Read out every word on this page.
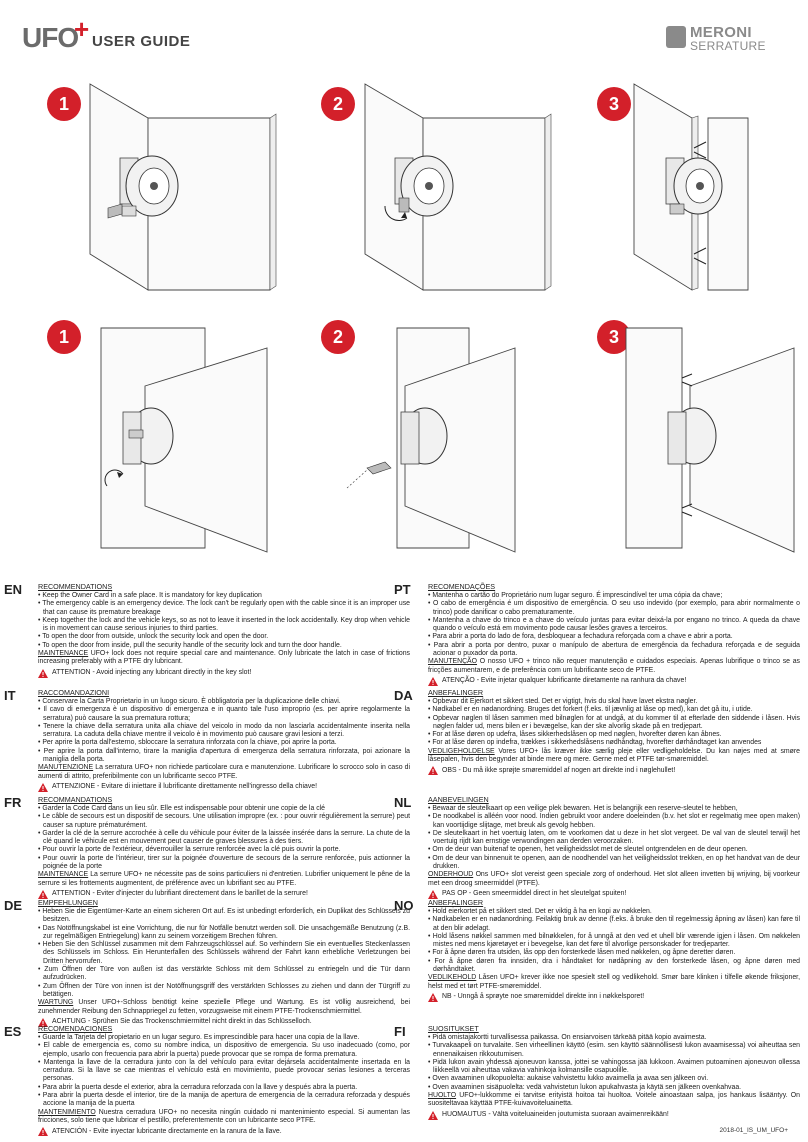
UFO
+ USER GUIDE
MERONI
SERRATURE
1	2	3
1	2	3
EN RECOMMENDATIONS
• Keep the Owner Card in a safe place. It is mandatory for key duplication
• The emergency cable is an emergency device. The lock can't be regularly open with the cable since it is an improper use that can cause its premature breakage
• Keep together the lock and the vehicle keys, so as not to leave it inserted in the lock accidentally. Key drop when vehicle is in movement can cause serious injuries to third parties.
• To open the door from outside, unlock the security lock and open the door.
• To open the door from inside, pull the security handle of the security lock and turn the door handle.
MAINTENANCE UFO+ lock does not require special care and maintenance. Only lubricate the latch in case of frictions increasing preferably with a PTFE dry lubricant.
ATTENTION - Avoid injecting any lubricant directly in the key slot!
PT RECOMENDAÇÕES
• Mantenha o cartão do Proprietário num lugar seguro. É imprescindível ter uma cópia da chave;
• O cabo de emergência é um dispositivo de emergência. O seu uso indevido (por exemplo, para abrir normalmente o trinco) pode danificar o cabo prematuramente.
• Mantenha a chave do trinco e a chave do veículo juntas para evitar deixá-la por engano no trinco. A queda da chave quando o veículo está em movimento pode causar lesões graves a terceiros.
• Para abrir a porta do lado de fora, desbloquear a fechadura reforçada com a chave e abrir a porta.
• Para abrir a porta por dentro, puxar o manípulo de abertura de emergência da fechadura reforçada e de seguida acionar o puxador da porta.
MANUTENÇÃO O nosso UFO + trinco não requer manutenção e cuidados especiais. Apenas lubrifique o trinco se as fricções aumentarem, e de preferência com um lubrificante seco de PTFE.
ATENÇÃO - Evite injetar qualquer lubrificante diretamente na ranhura da chave!
IT	RACCOMANDAZIONI
• Conservare la Carta Proprietario in un luogo sicuro. È obbligatoria per la duplicazione delle chiavi.
• Il cavo di emergenza è un dispositivo di emergenza e in quanto tale l'uso improprio (es. per aprire regolarmente la serratura) può causare la sua prematura rottura;
• Tenere la chiave della serratura unita alla chiave del veicolo in modo da non lasciarla accidentalmente inserita nella serratura. La caduta della chiave mentre il veicolo è in movimento può causare gravi lesioni a terzi.
• Per aprire la porta dall'esterno, sbloccare la serratura rinforzata con la chiave, poi aprire la porta.
• Per aprire la porta dall'interno, tirare la maniglia d'apertura di emergenza della serratura rinforzata, poi azionare la maniglia della porta.
MANUTENZIONE La serratura UFO+ non richiede particolare cura e manutenzione. Lubrificare lo scrocco solo in caso di aumenti di attrito, preferibilmente con un lubrificante secco PTFE.
ATTENZIONE - Evitare di iniettare il lubrificante direttamente nell'ingresso della chiave!
DA ANBEFALINGER
• Opbevar dit Ejerkort et sikkert sted. Det er vigtigt, hvis du skal have lavet ekstra nøgler.
• Nødkabel er en nødanordning. Bruges det forkert (f.eks. til jævnlig at låse op med), kan det gå itu, i utide.
• Opbevar nøglen til låsen sammen med bilnøglen for at undgå, at du kommer til at efterlade den siddende i låsen. Hvis nøglen falder ud, mens bilen er i bevægelse, kan der ske alvorlig skade på en tredjepart.
• For at låse døren op udefra, låses sikkerhedslåsen op med nøglen, hvorefter døren kan åbnes.
• For at låse døren op indefra, trækkes i sikkerhedslåsens nødhåndtag, hvorefter dørhåndtaget kan anvendes
VEDLIGEHOLDELSE Vores UFO+ lås kræver ikke særlig pleje eller vedligeholdelse. Du kan nøjes med at smøre låsepalen, hvis den begynder at binde mere og mere. Gerne med et PTFE tør-smøremiddel.
OBS - Du må ikke sprøjte smøremiddel af nogen art direkte ind i nøglehullet!
FR RECOMMANDATIONS
• Garder la Code Card dans un lieu sûr. Elle est indispensable pour obtenir une copie de la clé
• Le câble de secours est un dispositif de secours. Une utilisation impropre (ex. : pour ouvrir régulièrement la serrure) peut causer sa rupture prématurément.
• Garder la clé de la serrure accrochée à celle du véhicule pour éviter de la laissée insérée dans la serrure. La chute de la clé quand le véhicule est en mouvement peut causer de graves blessures à des tiers.
• Pour ouvrir la porte de l'extérieur, déverrouiller la serrure renforcée avec la clé puis ouvrir la porte.
• Pour ouvrir la porte de l'intérieur, tirer sur la poignée d'ouverture de secours de la serrure renforcée, puis actionner la poignée de la porte
MAINTENANCE La serrure UFO+ ne nécessite pas de soins particuliers ni d'entretien. Lubrifier uniquement le pêne de la serrure si les frottements augmentent, de préférence avec un lubrifiant sec au PTFE.
ATTENTION - Eviter d'injecter du lubrifiant directement dans le barillet de la serrure!
NL AANBEVELINGEN
• Bewaar de sleutelkaart op een veilige plek bewaren. Het is belangrijk een reserve-sleutel te hebben,
• De noodkabel is alléén voor nood. Indien gebruikt voor andere doeleinden (b.v. het slot er regelmatig mee open maken) kan voortijdige slijtage, met breuk als gevolg hebben.
• De sleutelkaart in het voertuig laten, om te voorkomen dat u deze in het slot vergeet. De val van de sleutel terwijl het voertuig rijdt kan ernstige verwondingen aan derden veroorzaken.
• Om de deur van buitenaf te openen, het veiligheidsslot met de sleutel ontgrendelen en de deur openen.
• Om de deur van binnenuit te openen, aan de noodhendel van het veiligheidsslot trekken, en op het handvat van de deur drukken.
ONDERHOUD Ons UFO+ slot vereist geen speciale zorg of onderhoud. Het slot alleen invetten bij wrijving, bij voorkeur met een droog smeermiddel (PTFE).
PAS OP - Geen smeermiddel direct in het sleutelgat spuiten!
DE EMPFEHLUNGEN
• Heben Sie die Eigentümer-Karte an einem sicheren Ort auf. Es ist unbedingt erforderlich, ein Duplikat des Schlüssels zu besitzen.
• Das Notöffnungskabel ist eine Vorrichtung, die nur für Notfälle benutzt werden soll. Die unsachgemäße Benutzung (z.B. zur regelmäßigen Entriegelung) kann zu seinem vorzeitigem Brechen führen.
• Heben Sie den Schlüssel zusammen mit dem Fahrzeugschlüssel auf. So verhindern Sie ein eventuelles Steckenlassen des Schlüssels im Schloss. Ein Herunterfallen des Schlüssels während der Fahrt kann erhebliche Verletzungen bei Dritten hervorrufen.
• Zum Öffnen der Türe von außen ist das verstärkte Schloss mit dem Schlüssel zu entriegeln und die Tür dann aufzudrücken.
• Zum Öffnen der Türe von innen ist der Notöffnungsgriff des verstärkten Schlosses zu ziehen und dann der Türgriff zu betätigen.
WARTUNG Unser UFO+-Schloss benötigt keine spezielle Pflege und Wartung. Es ist völlig ausreichend, bei zunehmender Reibung den Schnappriegel zu fetten, vorzugsweise mit einem PTFE-Trockenschmiermittel.
ACHTUNG - Sprühen Sie das Trockenschmiermittel nicht direkt in das Schlüsselloch.
NO ANBEFALINGER
• Hold eierkortet på et sikkert sted. Det er viktig å ha en kopi av nøkkelen.
• Nødkabelen er en nødanordning. Feilaktig bruk av denne (f.eks. å bruke den til regelmessig åpning av låsen) kan føre til at den blir ødelagt.
• Hold låsens nøkkel sammen med bilnøkkelen, for å unngå at den ved et uhell blir værende igjen i låsen. Om nøkkelen mistes ned mens kjøretøyet er i bevegelse, kan det føre til alvorlige personskader for tredjeparter.
• For å åpne døren fra utsiden, lås opp den forsterkede låsen med nøkkelen, og åpne deretter døren.
• For å åpne døren fra innsiden, dra i håndtaket for nødåpning av den forsterkede låsen, og åpne døren med dørhåndtaket.
VEDLIKEHOLD Låsen UFO+ krever ikke noe spesielt stell og vedlikehold. Smør bare klinken i tilfelle økende friksjoner, helst med et tørt PTFE-smøremiddel.
NB - Unngå å sprøyte noe smøremiddel direkte inn i nøkkelsporet!
ES RECOMENDACIONES
• Guarde la Tarjeta del propietario en un lugar seguro. Es imprescindible para hacer una copia de la llave.
• El cable de emergencia es, como su nombre indica, un dispositivo de emergencia. Su uso inadecuado (como, por ejemplo, usarlo con frecuencia para abrir la puerta) puede provocar que se rompa de forma prematura.
• Mantenga la llave de la cerradura junto con la del vehículo para evitar dejársela accidentalmente insertada en la cerradura. Si la llave se cae mientras el vehículo está en movimiento, puede provocar serias lesiones a terceras personas.
• Para abrir la puerta desde el exterior, abra la cerradura reforzada con la llave y después abra la puerta.
• Para abrir la puerta desde el interior, tire de la manija de apertura de emergencia de la cerradura reforzada y después accione la manija de la puerta
MANTENIMIENTO Nuestra cerradura UFO+ no necesita ningún cuidado ni mantenimiento especial. Si aumentan las fricciones, solo tiene que lubricar el pestillo, preferentemente con un lubricante seco PTFE.
ATENCIÓN - Evite inyectar lubricante directamente en la ranura de la llave.
FI	SUOSITUKSET
• Pidä omistajakortti turvallisessa paikassa. On ensiarvoisen tärkeää pitää kopio avaimesta.
• Turvakaapeli on turvalaite. Sen virheellinen käyttö (esim. sen käyttö säännöllisesti lukon avaamisessa) voi aiheuttaa sen ennenaikaisen rikkoutumisen.
• Pidä lukon avain yhdessä ajoneuvon kanssa, jottei se vahingossa jää lukkoon. Avaimen putoaminen ajoneuvon ollessa liikkeellä voi aiheuttaa vakavia vahinkoja kolmansille osapuolille.
• Oven avaaminen ulkopuolelta: aukaise vahvistettu lukko avaimella ja avaa sen jälkeen ovi.
• Oven avaaminen sisäpuolelta: vedä vahvistetun lukon apukahvasta ja käytä sen jälkeen ovenkahvaa.
HUOLTO UFO+-lukkomme ei tarvitse erityistä hoitoa tai huoltoa. Voitele ainoastaan salpa, jos hankaus lisääntyy. On suositeltavaa käyttää PTFE-kuivavoiteluainetta.
HUOMAUTUS - Vältä voiteluaineiden joutumista suoraan avaimenreikään!
2018-01_IS_UM_UFO+
